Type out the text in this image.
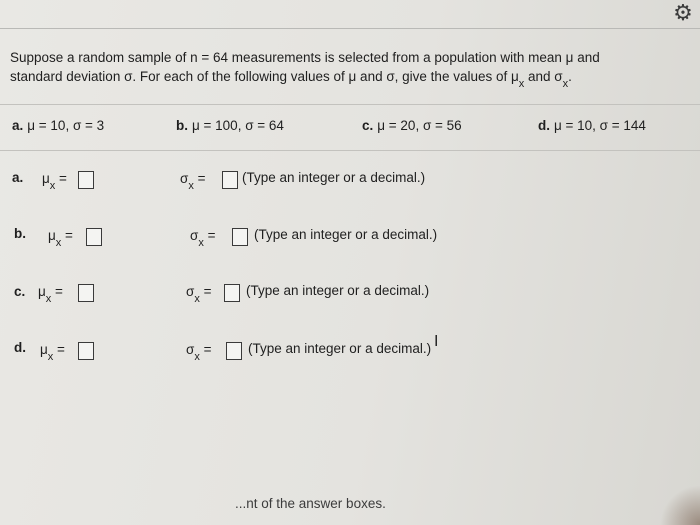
⚙
Suppose a random sample of n = 64 measurements is selected from a population with mean μ and
standard deviation σ. For each of the following values of μ and σ, give the values of μx and σx.
a. μ = 10, σ = 3	b. μ = 100, σ = 64	c. μ = 20, σ = 56	d. μ = 10, σ = 144
a. μx =	σx =	(Type an integer or a decimal.)
b. μx =	σx =	(Type an integer or a decimal.)
c. μx =	σx =	(Type an integer or a decimal.)
d. μx =	σx =	(Type an integer or a decimal.) I
...nt of the answer boxes.
